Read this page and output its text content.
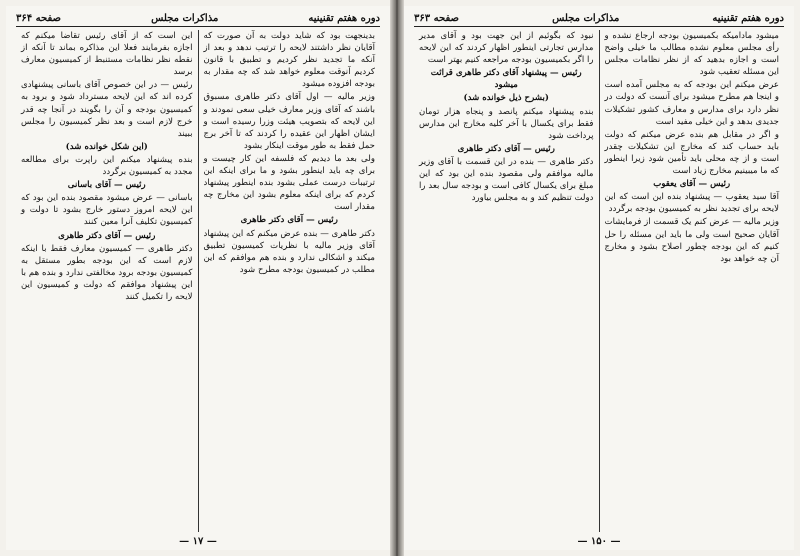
دوره هفتم تقنینیه
مذاکرات مجلس
صفحه ۳۶۴

بدینجهت بود که شاید دولت به آن صورت که آقایان نظر داشتند لایحه را ترتیب ندهد و بعد از آنکه ما تجدید نظر کردیم و تطبیق با قانون کردیم آنوقت معلوم خواهد شد که چه مقدار به بودجه افزوده میشود

وزیر مالیه — اول آقای دکتر طاهری مسبوق باشند که آقای وزیر معارف خیلی سعی نمودند و این لایحه که بتصویب هیئت وزرا رسیده است و ایشان اظهار این عقیده را کردند که تا آخر برج حمل فقط به طور موقت اینکار بشود

ولی بعد ما دیدیم که فلسفه این کار چیست و برای چه باید اینطور بشود و ما برای اینکه این ترتیبات درست عملی بشود بنده اینطور پیشنهاد کردم که برای اینکه معلوم بشود این مخارج چه مقدار است

رئیس — آقای دکتر طاهری

دکتر طاهری — بنده عرض میکنم که این پیشنهاد آقای وزیر مالیه با نظریات کمیسیون تطبیق میکند و اشکالی ندارد و بنده هم موافقم که این مطلب در کمیسیون بودجه مطرح شود

این است که از آقای رئیس تقاضا میکنم که اجازه بفرمایند فعلا این مذاکره بماند تا آنکه از نقطه نظر نظامات مستنبط از کمیسیون معارف برسد

رئیس — در این خصوص آقای باسانی پیشنهادی کرده اند که این لایحه مسترداد شود و برود به کمیسیون بودجه و آن را بگویند در آنجا چه قدر خرج لازم است و بعد نظر کمیسیون را مجلس ببیند

(این شکل خوانده شد)

بنده پیشنهاد میکنم این راپرت برای مطالعه مجدد به کمیسیون برگردد

رئیس — آقای باسانی

باسانی — عرض میشود مقصود بنده این بود که این لایحه امروز دستور خارج بشود تا دولت و کمیسیون تکلیف آنرا معین کنند

رئیس — آقای دکتر طاهری

دکتر طاهری — کمیسیون معارف فقط با اینکه لازم است که این بودجه بطور مستقل به کمیسیون بودجه برود مخالفتی ندارد و بنده هم با این پیشنهاد موافقم که دولت و کمیسیون این لایحه را تکمیل کنند

— ۱۷ —
دوره هفتم تقنینیه
مذاکرات مجلس
صفحه ۳۶۳

میشود مادامیکه بکمیسیون بودجه ارجاع نشده و رأی مجلس معلوم نشده مطالب ما خیلی واضح است و اجازه بدهید که از نظر نظامات مجلس این مسئله تعقیب شود

عرض میکنم این بودجه که به مجلس آمده است و اینجا هم مطرح میشود برای آنست که دولت در نظر دارد برای مدارس و معارف کشور تشکیلات جدیدی بدهد و این خیلی مفید است

و اگر در مقابل هم بنده عرض میکنم که دولت باید حساب کند که مخارج این تشکیلات چقدر است و از چه محلی باید تأمین شود زیرا اینطور که ما میبینیم مخارج زیاد است

رئیس — آقای یعقوب

آقا سید یعقوب — پیشنهاد بنده این است که این لایحه برای تجدید نظر به کمیسیون بودجه برگردد

وزیر مالیه — عرض کنم یک قسمت از فرمایشات آقایان صحیح است ولی ما باید این مسئله را حل کنیم که این بودجه چطور اصلاح بشود و مخارج آن چه خواهد بود

نبود که بگوئیم از این جهت بود و آقای مدیر مدارس تجارتی اینطور اظهار کردند که این لایحه را اگر بکمیسیون بودجه مراجعه کنیم بهتر است

رئیس — پیشنهاد آقای دکتر طاهری قرائت میشود

(بشرح ذیل خوانده شد)

بنده پیشنهاد میکنم پانصد و پنجاه هزار تومان فقط برای یکسال با آخر کلیه مخارج این مدارس پرداخت شود

رئیس — آقای دکتر طاهری

دکتر طاهری — بنده در این قسمت با آقای وزیر مالیه موافقم ولی مقصود بنده این بود که این مبلغ برای یکسال کافی است و بودجه سال بعد را دولت تنظیم کند و به مجلس بیاورد

— ۱۵۰ —
